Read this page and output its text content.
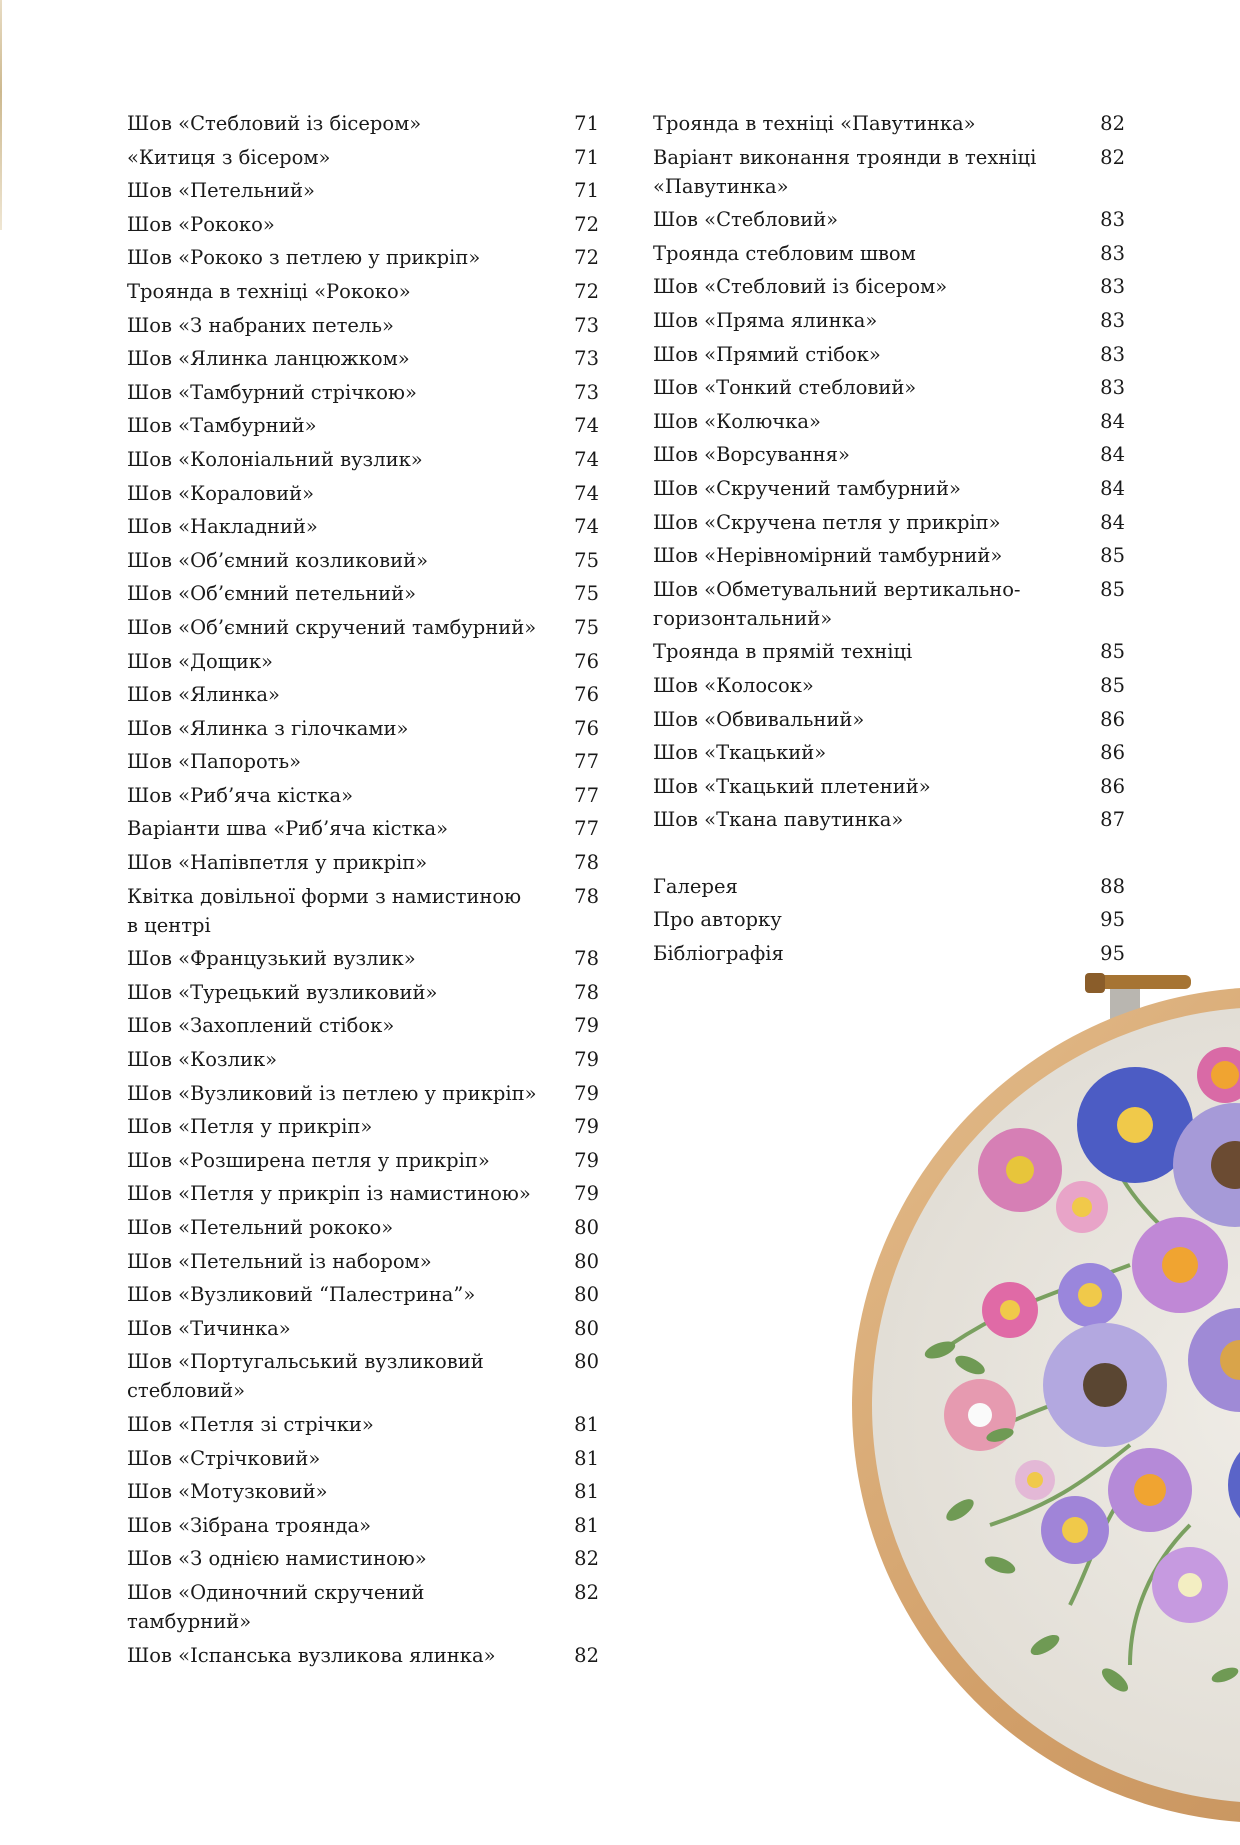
Шов «Стебловий із бісером»	71
«Китиця з бісером»	71
Шов «Петельний»	71
Шов «Рококо»	72
Шов «Рококо з петлею у прикріп»	72
Троянда в техніці «Рококо»	72
Шов «З набраних петель»	73
Шов «Ялинка ланцюжком»	73
Шов «Тамбурний стрічкою»	73
Шов «Тамбурний»	74
Шов «Колоніальний вузлик»	74
Шов «Кораловий»	74
Шов «Накладний»	74
Шов «Об’ємний козликовий»	75
Шов «Об’ємний петельний»	75
Шов «Об’ємний скручений тамбурний» 75
Шов «Дощик»	76
Шов «Ялинка»	76
Шов «Ялинка з гілочками»	76
Шов «Папороть»	77
Шов «Риб’яча кістка»	77
Варіанти шва «Риб’яча кістка»	77
Шов «Напівпетля у прикріп»	78
Квітка довільної форми з намистиною в центрі
78
Шов «Французький вузлик»	78
Шов «Турецький вузликовий»	78
Шов «Захоплений стібок»	79
Шов «Козлик»	79
Шов «Вузликовий із петлею у прикріп» 79
Шов «Петля у прикріп»	79
Шов «Розширена петля у прикріп»	79
Шов «Петля у прикріп із намистиною»	79
Шов «Петельний рококо»	80
Шов «Петельний із набором»	80
Шов «Вузликовий “Палестрина”»	80
Шов «Тичинка»	80
Шов «Португальський вузликовий стебловий»
80
Шов «Петля зі стрічки»	81
Шов «Стрічковий»	81
Шов «Мотузковий»	81
Шов «Зібрана троянда»	81
Шов «З однією намистиною»	82
Шов «Одиночний скручений тамбурний»
82
Шов «Іспанська вузликова ялинка»	82
Троянда в техніці «Павутинка»	82
Варіант виконання троянди в техніці «Павутинка»
82
Шов «Стебловий»	83
Троянда стебловим швом	83
Шов «Стебловий із бісером»	83
Шов «Пряма ялинка»	83
Шов «Прямий стібок»	83
Шов «Тонкий стебловий»	83
Шов «Колючка»	84
Шов «Ворсування»	84
Шов «Скручений тамбурний»	84
Шов «Скручена петля у прикріп»	84
Шов «Нерівномірний тамбурний»	85
Шов «Обметувальний вертикально-горизонтальний»
85
Троянда в прямій техніці	85
Шов «Колосок»	85
Шов «Обвивальний»	86
Шов «Ткацький»	86
Шов «Ткацький плетений»	86
Шов «Ткана павутинка»	87
Галерея	88
Про авторку	95
Бібліографія	95
